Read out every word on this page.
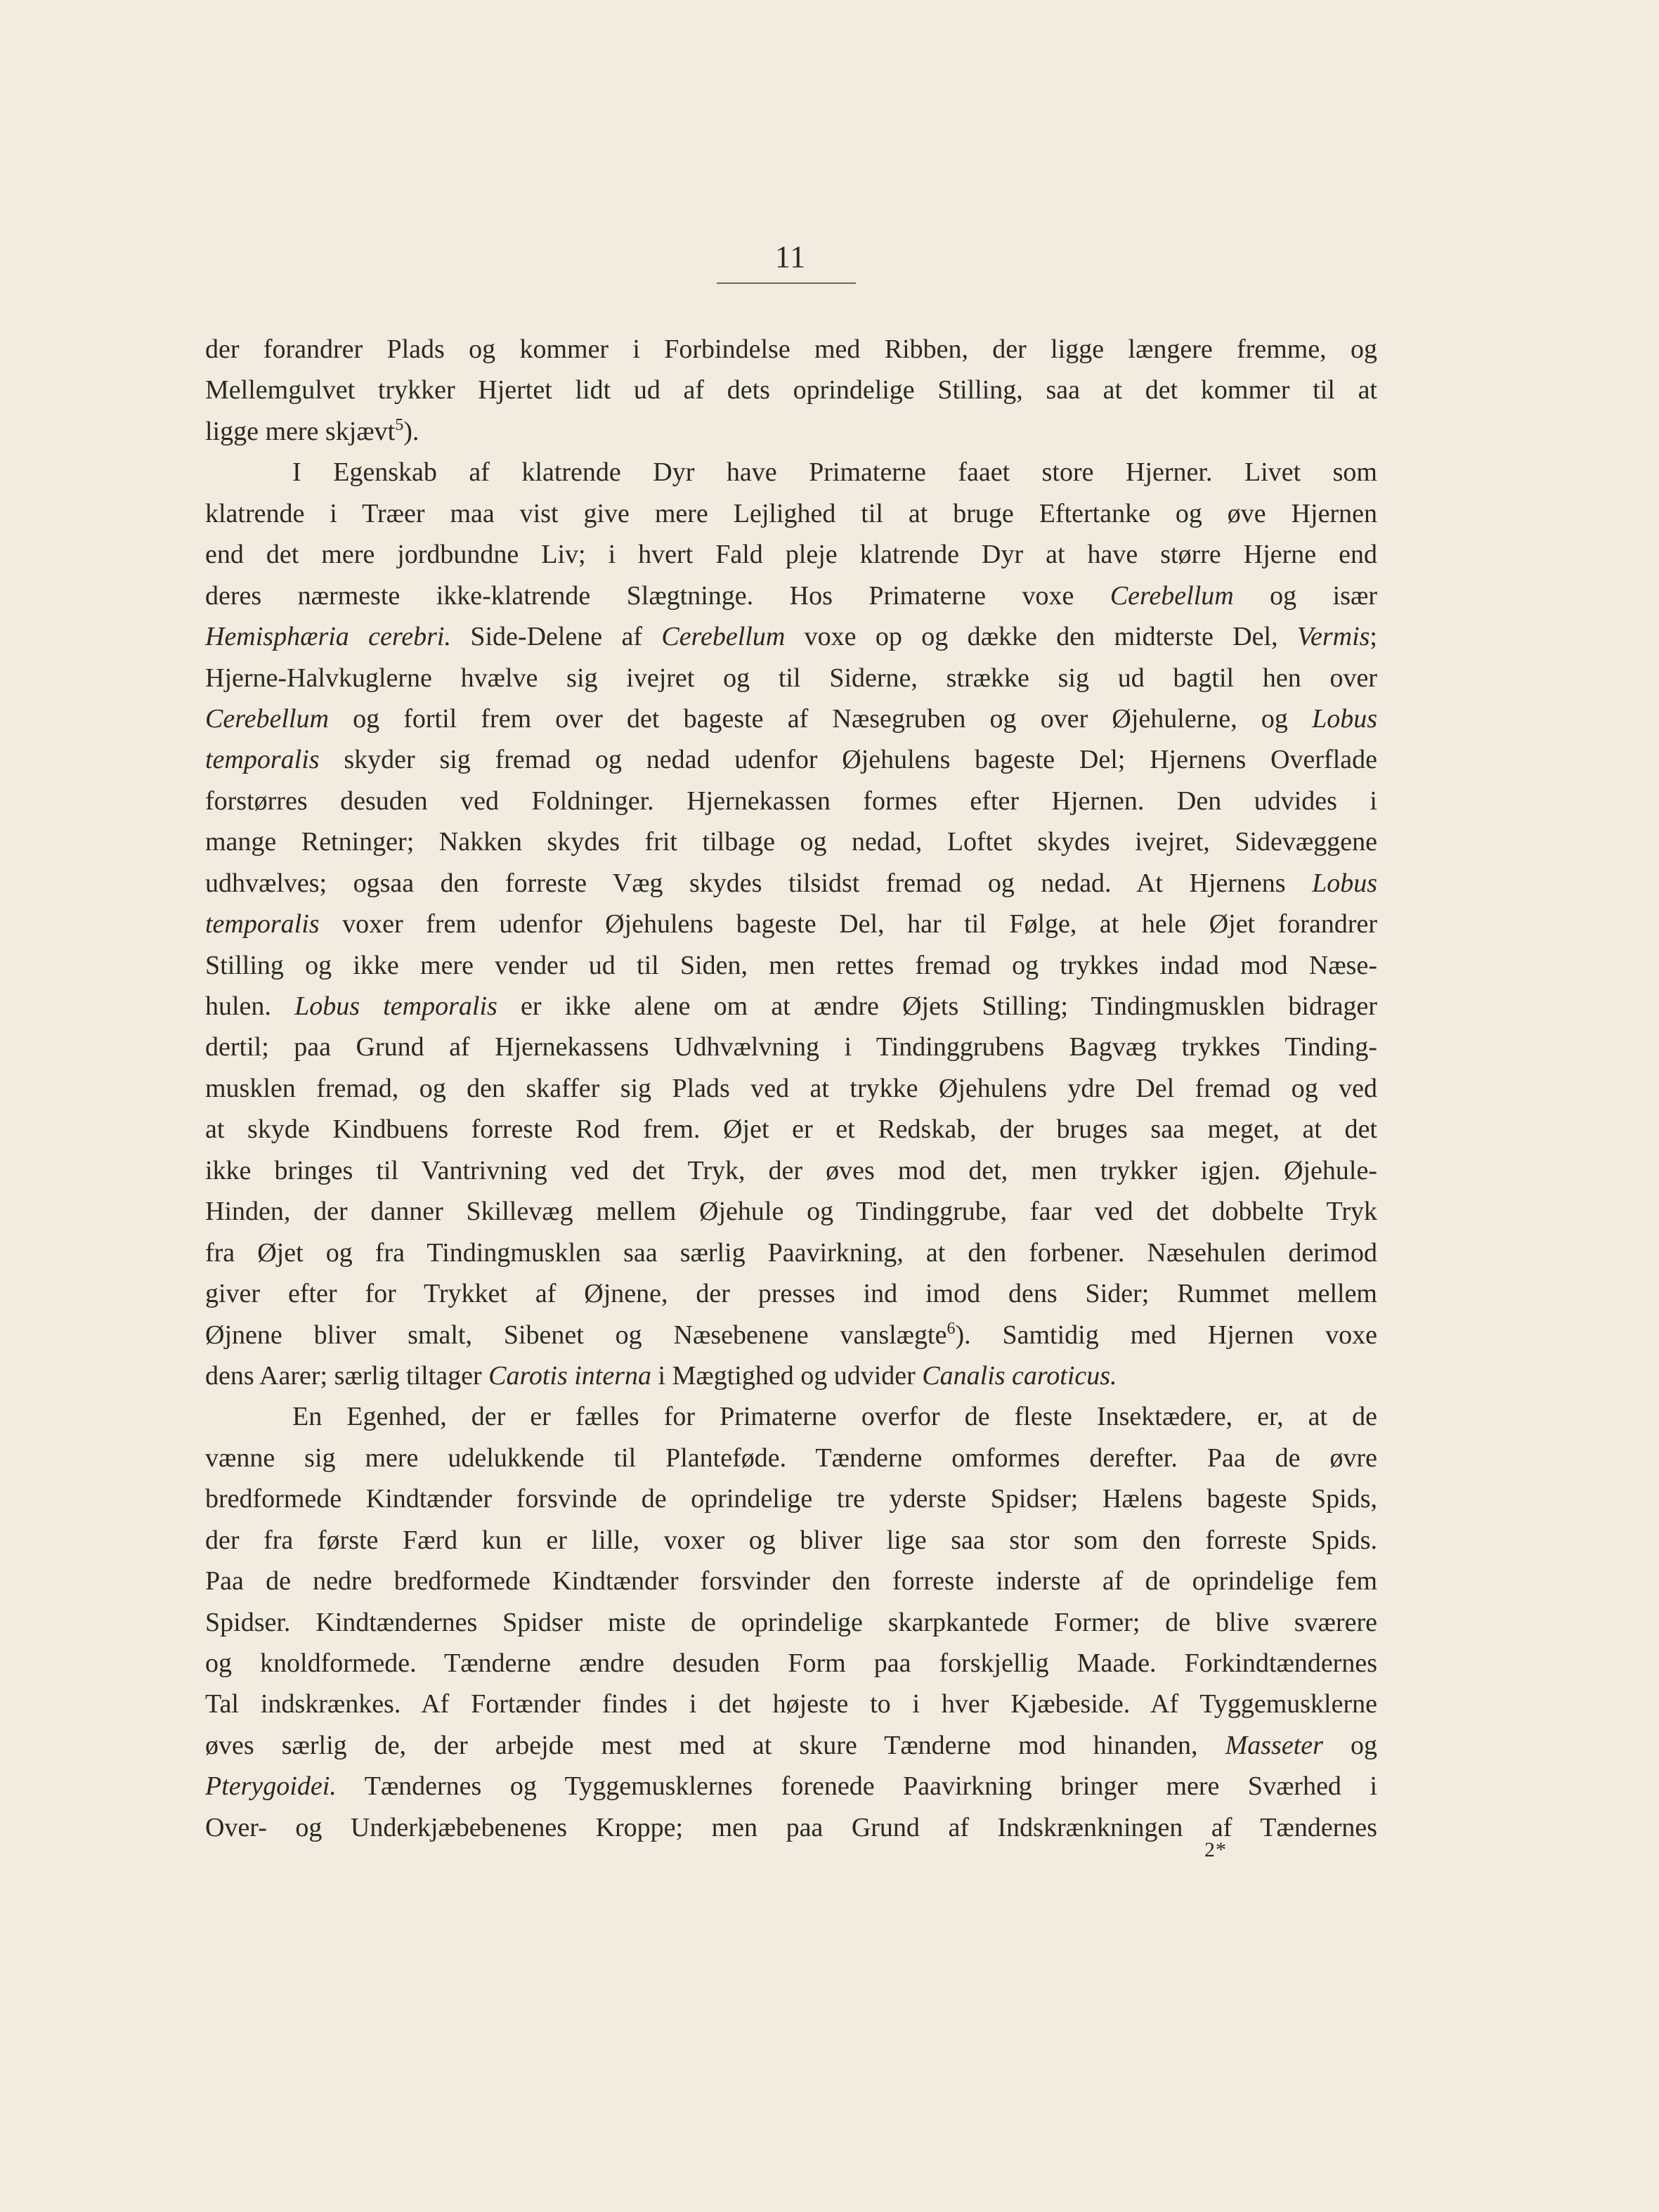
11
der forandrer Plads og kommer i Forbindelse med Ribben, der ligge længere fremme, og
Mellemgulvet trykker Hjertet lidt ud af dets oprindelige Stilling, saa at det kommer til at
ligge mere skjævt$^5$).
I Egenskab af klatrende Dyr have Primaterne faaet store Hjerner. Livet som
klatrende i Træer maa vist give mere Lejlighed til at bruge Eftertanke og øve Hjernen
end det mere jordbundne Liv; i hvert Fald pleje klatrende Dyr at have større Hjerne end
deres nærmeste ikke-klatrende Slægtninge. Hos Primaterne voxe Cerebellum og især
Hemisphæria cerebri. Side-Delene af Cerebellum voxe op og dække den midterste Del, Vermis;
Hjerne-Halvkuglerne hvælve sig ivejret og til Siderne, strække sig ud bagtil hen over
Cerebellum og fortil frem over det bageste af Næsegruben og over Øjehulerne, og Lobus
temporalis skyder sig fremad og nedad udenfor Øjehulens bageste Del; Hjernens Overflade
forstørres desuden ved Foldninger. Hjernekassen formes efter Hjernen. Den udvides i
mange Retninger; Nakken skydes frit tilbage og nedad, Loftet skydes ivejret, Sidevæggene
udhvælves; ogsaa den forreste Væg skydes tilsidst fremad og nedad. At Hjernens Lobus
temporalis voxer frem udenfor Øjehulens bageste Del, har til Følge, at hele Øjet forandrer
Stilling og ikke mere vender ud til Siden, men rettes fremad og trykkes indad mod Næse-
hulen. Lobus temporalis er ikke alene om at ændre Øjets Stilling; Tindingmusklen bidrager
dertil; paa Grund af Hjernekassens Udhvælvning i Tindinggrubens Bagvæg trykkes Tinding-
musklen fremad, og den skaffer sig Plads ved at trykke Øjehulens ydre Del fremad og ved
at skyde Kindbuens forreste Rod frem. Øjet er et Redskab, der bruges saa meget, at det
ikke bringes til Vantrivning ved det Tryk, der øves mod det, men trykker igjen. Øjehule-
Hinden, der danner Skillevæg mellem Øjehule og Tindinggrube, faar ved det dobbelte Tryk
fra Øjet og fra Tindingmusklen saa særlig Paavirkning, at den forbener. Næsehulen derimod
giver efter for Trykket af Øjnene, der presses ind imod dens Sider; Rummet mellem
Øjnene bliver smalt, Sibenet og Næsebenene vanslægte$^6$). Samtidig med Hjernen voxe
dens Aarer; særlig tiltager Carotis interna i Mægtighed og udvider Canalis caroticus.
En Egenhed, der er fælles for Primaterne overfor de fleste Insektædere, er, at de
vænne sig mere udelukkende til Planteføde. Tænderne omformes derefter. Paa de øvre
bredformede Kindtænder forsvinde de oprindelige tre yderste Spidser; Hælens bageste Spids,
der fra første Færd kun er lille, voxer og bliver lige saa stor som den forreste Spids.
Paa de nedre bredformede Kindtænder forsvinder den forreste inderste af de oprindelige fem
Spidser. Kindtændernes Spidser miste de oprindelige skarpkantede Former; de blive sværere
og knoldformede. Tænderne ændre desuden Form paa forskjellig Maade. Forkindtændernes
Tal indskrænkes. Af Fortænder findes i det højeste to i hver Kjæbeside. Af Tyggemusklerne
øves særlig de, der arbejde mest med at skure Tænderne mod hinanden, Masseter og
Pterygoidei. Tændernes og Tyggemusklernes forenede Paavirkning bringer mere Sværhed i
Over- og Underkjæbebenenes Kroppe; men paa Grund af Indskrænkningen af Tændernes
2*
